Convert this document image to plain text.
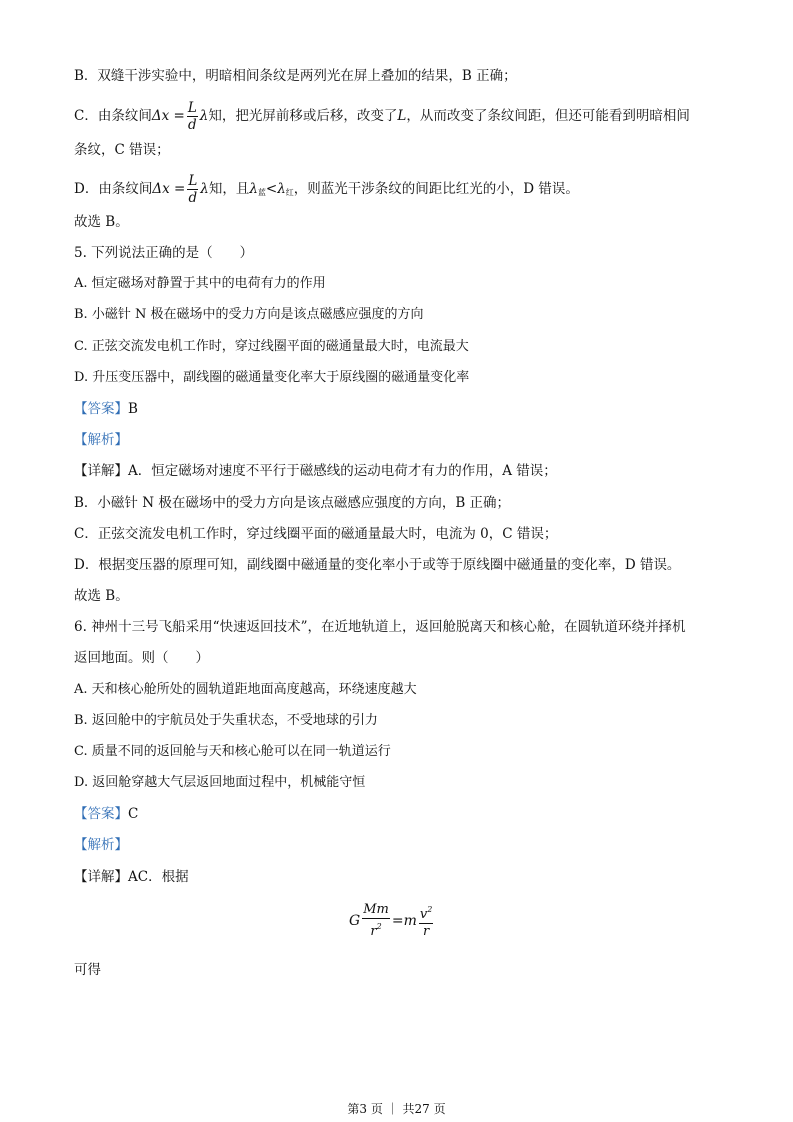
B．双缝干涉实验中，明暗相间条纹是两列光在屏上叠加的结果，B 正确；
C．由条纹间$\Delta x = \frac{L}{d}$ λ知，把光屏前移或后移，改变了L，从而改变了条纹间距，但还可能看到明暗相间
条纹，C 错误；
D．由条纹间$\Delta x = \frac{L}{d}$ λ知，且$\lambda_蓝<\lambda_红$，则蓝光干涉条纹的间距比红光的小，D 错误。
故选 B。
5. 下列说法正确的是（　　）
A. 恒定磁场对静置于其中的电荷有力的作用
B. 小磁针 N 极在磁场中的受力方向是该点磁感应强度的方向
C. 正弦交流发电机工作时，穿过线圈平面的磁通量最大时，电流最大
D. 升压变压器中，副线圈的磁通量变化率大于原线圈的磁通量变化率
【答案】B
【解析】
【详解】A．恒定磁场对速度不平行于磁感线的运动电荷才有力的作用，A 错误；
B．小磁针 N 极在磁场中的受力方向是该点磁感应强度的方向，B 正确；
C．正弦交流发电机工作时，穿过线圈平面的磁通量最大时，电流为 0，C 错误；
D．根据变压器的原理可知，副线圈中磁通量的变化率小于或等于原线圈中磁通量的变化率，D 错误。
故选 B。
6. 神州十三号飞船采用“快速返回技术”，在近地轨道上，返回舱脱离天和核心舱，在圆轨道环绕并择机
返回地面。则（　　）
A. 天和核心舱所处的圆轨道距地面高度越高，环绕速度越大
B. 返回舱中的宇航员处于失重状态，不受地球的引力
C. 质量不同的返回舱与天和核心舱可以在同一轨道运行
D. 返回舱穿越大气层返回地面过程中，机械能守恒
【答案】C
【解析】
【详解】AC．根据
G $\frac{Mm}{r^2} =m \frac{v^2}{r}$
可得
第3 页 ｜ 共27 页
